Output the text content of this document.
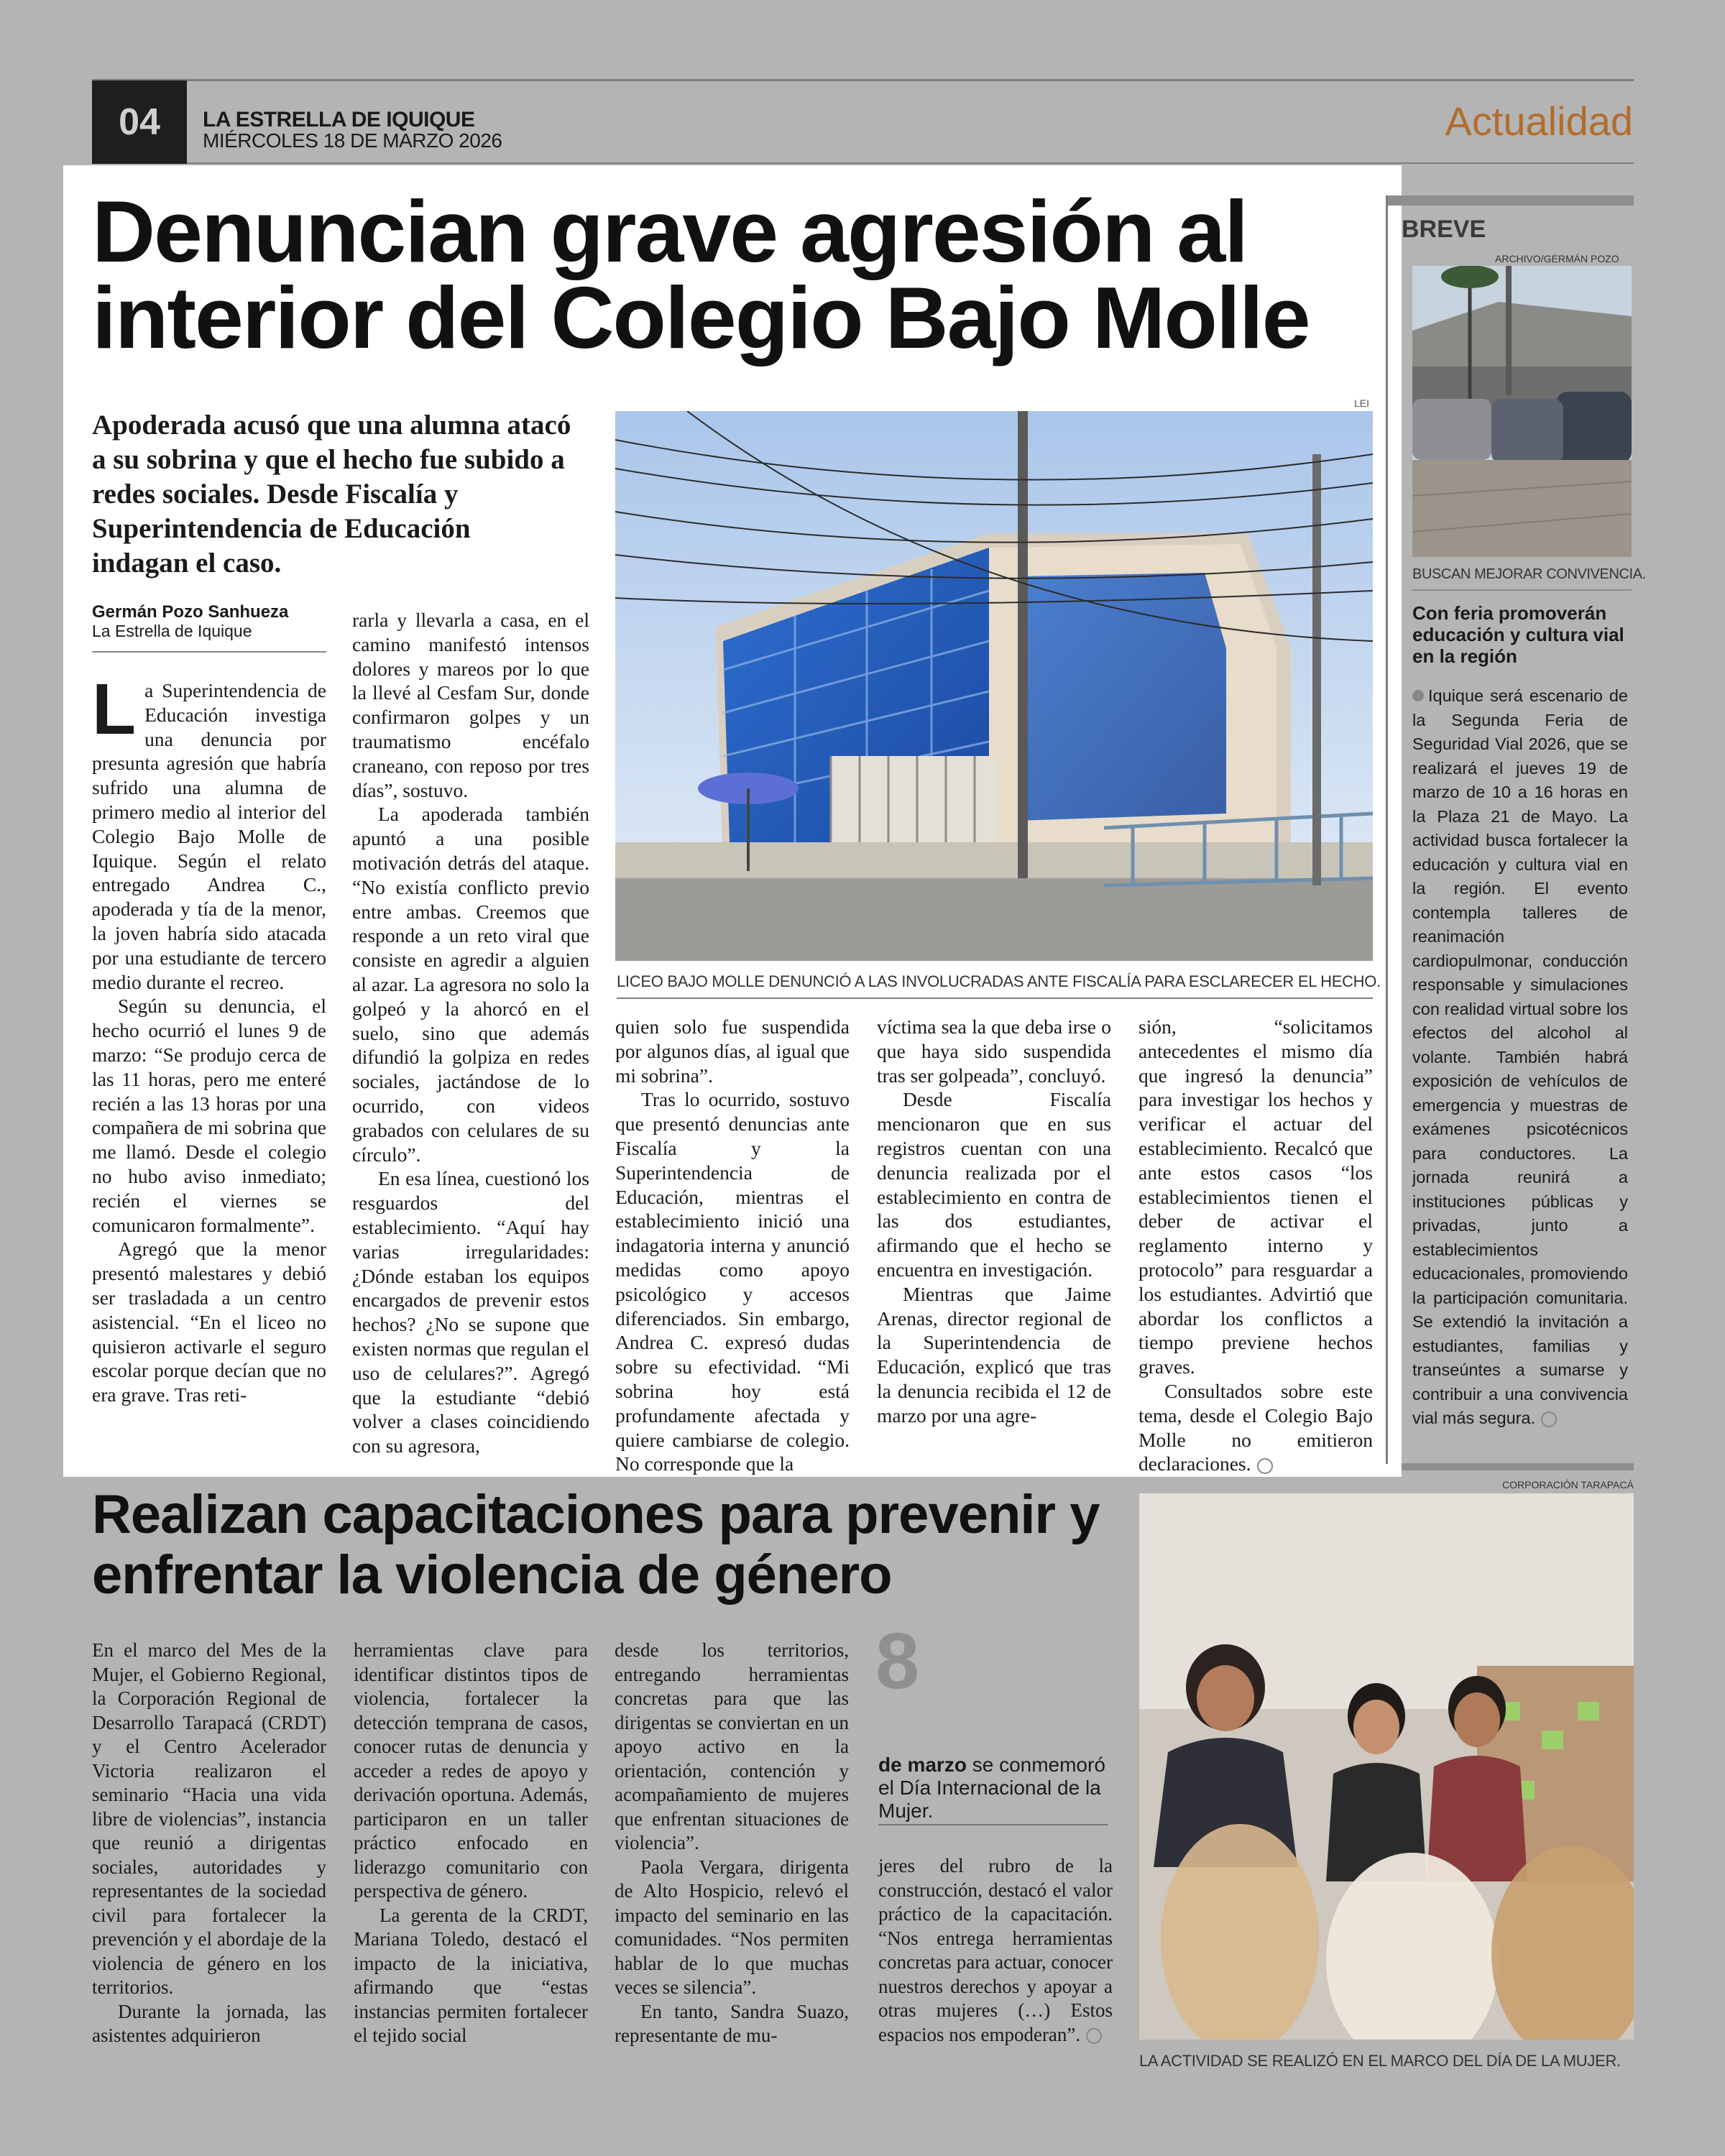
04	LA ESTRELLA DE IQUIQUE
MIÉRCOLES 18 DE MARZO 2026	Actualidad
Denuncian grave agresión al interior del Colegio Bajo Molle
Apoderada acusó que una alumna atacó a su sobrina y que el hecho fue subido a redes sociales. Desde Fiscalía y Superintendencia de Educación indagan el caso.
Germán Pozo Sanhueza
La Estrella de Iquique

La Superintendencia de Educación investiga una denuncia por presunta agresión que habría sufrido una alumna de primero medio al interior del Colegio Bajo Molle de Iquique. Según el relato entregado Andrea C., apoderada y tía de la menor, la joven habría sido atacada por una estudiante de tercero medio durante el recreo.

Según su denuncia, el hecho ocurrió el lunes 9 de marzo: “Se produjo cerca de las 11 horas, pero me enteré recién a las 13 horas por una compañera de mi sobrina que me llamó. Desde el colegio no hubo aviso inmediato; recién el viernes se comunicaron formalmente”.

Agregó que la menor presentó malestares y debió ser trasladada a un centro asistencial. “En el liceo no quisieron activarle el seguro escolar porque decían que no era grave. Tras reti-

rarla y llevarla a casa, en el camino manifestó intensos dolores y mareos por lo que la llevé al Cesfam Sur, donde confirmaron golpes y un traumatismo encéfalo craneano, con reposo por tres días”, sostuvo.

La apoderada también apuntó a una posible motivación detrás del ataque. “No existía conflicto previo entre ambas. Creemos que responde a un reto viral que consiste en agredir a alguien al azar. La agresora no solo la golpeó y la ahorcó en el suelo, sino que además difundió la golpiza en redes sociales, jactándose de lo ocurrido, con videos grabados con celulares de su círculo”.

En esa línea, cuestionó los resguardos del establecimiento. “Aquí hay varias irregularidades: ¿Dónde estaban los equipos encargados de prevenir estos hechos? ¿No se supone que existen normas que regulan el uso de celulares?”. Agregó que la estudiante “debió volver a clases coincidiendo con su agresora,

LEI
LICEO BAJO MOLLE DENUNCIÓ A LAS INVOLUCRADAS ANTE FISCALÍA PARA ESCLARECER EL HECHO.

quien solo fue suspendida por algunos días, al igual que mi sobrina”.

Tras lo ocurrido, sostuvo que presentó denuncias ante Fiscalía y la Superintendencia de Educación, mientras el establecimiento inició una indagatoria interna y anunció medidas como apoyo psicológico y accesos diferenciados. Sin embargo, Andrea C. expresó dudas sobre su efectividad. “Mi sobrina hoy está profundamente afectada y quiere cambiarse de colegio. No corresponde que la

víctima sea la que deba irse o que haya sido suspendida tras ser golpeada”, concluyó.

Desde Fiscalía mencionaron que en sus registros cuentan con una denuncia realizada por el establecimiento en contra de las dos estudiantes, afirmando que el hecho se encuentra en investigación.

Mientras que Jaime Arenas, director regional de la Superintendencia de Educación, explicó que tras la denuncia recibida el 12 de marzo por una agre-

sión, “solicitamos antecedentes el mismo día que ingresó la denuncia” para investigar los hechos y verificar el actuar del establecimiento. Recalcó que ante estos casos “los establecimientos tienen el deber de activar el reglamento interno y protocolo” para resguardar a los estudiantes. Advirtió que abordar los conflictos a tiempo previene hechos graves.

Consultados sobre este tema, desde el Colegio Bajo Molle no emitieron declaraciones.

BREVE
ARCHIVO/GERMÁN POZO
BUSCAN MEJORAR CONVIVENCIA.
Con feria promoverán educación y cultura vial en la región
Iquique será escenario de la Segunda Feria de Seguridad Vial 2026, que se realizará el jueves 19 de marzo de 10 a 16 horas en la Plaza 21 de Mayo. La actividad busca fortalecer la educación y cultura vial en la región. El evento contempla talleres de reanimación cardiopulmonar, conducción responsable y simulaciones con realidad virtual sobre los efectos del alcohol al volante. También habrá exposición de vehículos de emergencia y muestras de exámenes psicotécnicos para conductores. La jornada reunirá a instituciones públicas y privadas, junto a establecimientos educacionales, promoviendo la participación comunitaria. Se extendió la invitación a estudiantes, familias y transeúntes a sumarse y contribuir a una convivencia vial más segura.
Realizan capacitaciones para prevenir y enfrentar la violencia de género
CORPORACIÓN TARAPACÁ

En el marco del Mes de la Mujer, el Gobierno Regional, la Corporación Regional de Desarrollo Tarapacá (CRDT) y el Centro Acelerador Victoria realizaron el seminario “Hacia una vida libre de violencias”, instancia que reunió a dirigentas sociales, autoridades y representantes de la sociedad civil para fortalecer la prevención y el abordaje de la violencia de género en los territorios.

Durante la jornada, las asistentes adquirieron

herramientas clave para identificar distintos tipos de violencia, fortalecer la detección temprana de casos, conocer rutas de denuncia y acceder a redes de apoyo y derivación oportuna. Además, participaron en un taller práctico enfocado en liderazgo comunitario con perspectiva de género.

La gerenta de la CRDT, Mariana Toledo, destacó el impacto de la iniciativa, afirmando que “estas instancias permiten fortalecer el tejido social

desde los territorios, entregando herramientas concretas para que las dirigentas se conviertan en un apoyo activo en la orientación, contención y acompañamiento de mujeres que enfrentan situaciones de violencia”.

Paola Vergara, dirigenta de Alto Hospicio, relevó el impacto del seminario en las comunidades. “Nos permiten hablar de lo que muchas veces se silencia”.

En tanto, Sandra Suazo, representante de mu-

8
de marzo se conmemoró el Día Internacional de la Mujer.

jeres del rubro de la construcción, destacó el valor práctico de la capacitación. “Nos entrega herramientas concretas para actuar, conocer nuestros derechos y apoyar a otras mujeres (…) Estos espacios nos empoderan”.

LA ACTIVIDAD SE REALIZÓ EN EL MARCO DEL DÍA DE LA MUJER.
